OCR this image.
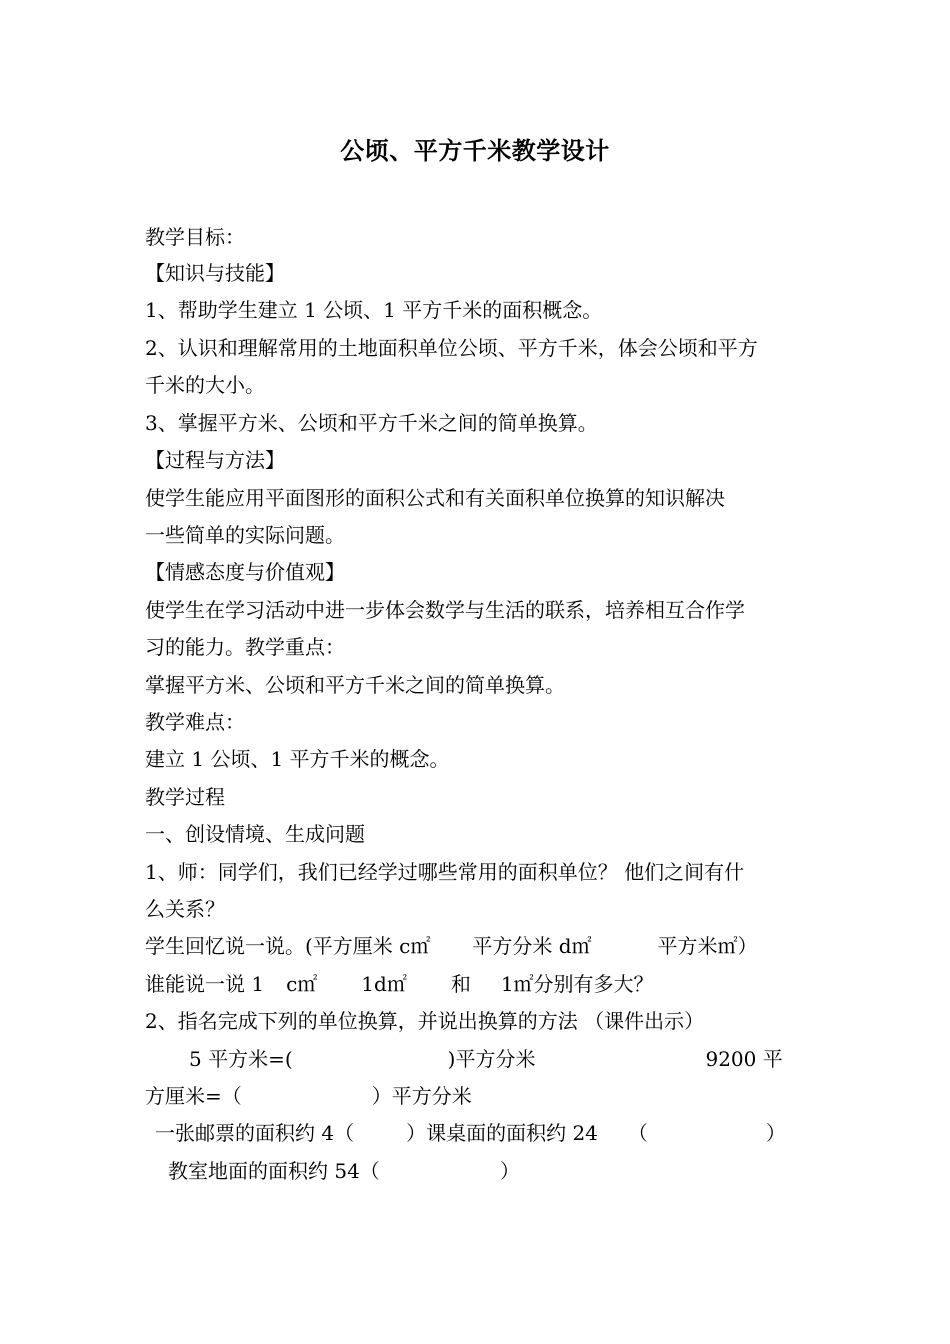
公顷、平方千米教学设计
教学目标：
【知识与技能】
1、帮助学生建立 1 公顷、1 平方千米的面积概念。
2、认识和理解常用的土地面积单位公顷、平方千米，体会公顷和平方
千米的大小。
3、掌握平方米、公顷和平方千米之间的简单换算。
【过程与方法】
使学生能应用平面图形的面积公式和有关面积单位换算的知识解决
一些简单的实际问题。
【情感态度与价值观】
使学生在学习活动中进一步体会数学与生活的联系，培养相互合作学
习的能力。教学重点：
掌握平方米、公顷和平方千米之间的简单换算。
教学难点：
建立 1 公顷、1 平方千米的概念。
教学过程
一、创设情境、生成问题
1、师：同学们，我们已经学过哪些常用的面积单位？ 他们之间有什
么关系？
学生回忆说一说。(平方厘米 c㎡ 平方分米 d㎡	平方米㎡）
谁能说一说 1 c㎡ 1d㎡ 和 1㎡分别有多大？
2、指名完成下列的单位换算，并说出换算的方法 （课件出示）
5 平方米=(	)平方分米	9200 平
方厘米=（	）平方分米
一张邮票的面积约 4（	）课桌面的面积约 24 （	）
教室地面的面积约 54（	）
